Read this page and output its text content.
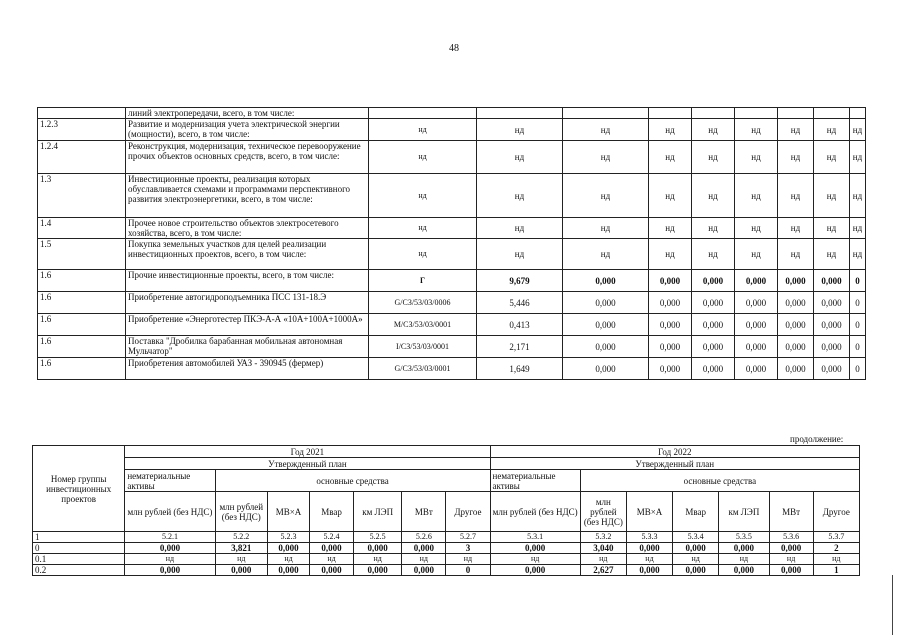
48
	линий электропередачи, всего, в том числе:									
1.2.3	Развитие и модернизация учета электрической энергии (мощности), всего, в том числе:	нд	нд	нд	нд	нд	нд	нд	нд	нд
1.2.4	Реконструкция, модернизация, техническое перевооружение прочих объектов основных средств, всего, в том числе:	нд	нд	нд	нд	нд	нд	нд	нд	нд
1.3	Инвестиционные проекты, реализация которых обуславливается схемами и программами перспективного развития электроэнергетики, всего, в том числе:	нд	нд	нд	нд	нд	нд	нд	нд	нд
1.4	Прочее новое строительство объектов электросетевого хозяйства, всего, в том числе:	нд	нд	нд	нд	нд	нд	нд	нд	нд
1.5	Покупка земельных участков для целей реализации инвестиционных проектов, всего, в том числе:	нд	нд	нд	нд	нд	нд	нд	нд	нд
1.6	Прочие инвестиционные проекты, всего, в том числе:	Г	9,679	0,000	0,000	0,000	0,000	0,000	0,000	0
1.6	Приобретение автогидроподъемника ПСС 131-18.Э	G/СЗ/53/03/0006	5,446	0,000	0,000	0,000	0,000	0,000	0,000	0
1.6	Приобретение «Энерготестер ПКЭ-А-А «10А+100А+1000А»	М/СЗ/53/03/0001	0,413	0,000	0,000	0,000	0,000	0,000	0,000	0
1.6	Поставка "Дробилка барабанная мобильная автономная Мульчатор"	I/СЗ/53/03/0001	2,171	0,000	0,000	0,000	0,000	0,000	0,000	0
1.6	Приобретения автомобилей УАЗ - 390945 (фермер)	G/СЗ/53/03/0001	1,649	0,000	0,000	0,000	0,000	0,000	0,000	0
продолжение:
Номер группы инвестиционных проектов	Год 2021							Год 2022						
	Утвержденный план							Утвержденный план						
	нематериальные активы	основные средства						нематериальные активы	основные средства					
	млн рублей (без НДС)	млн рублей (без НДС)	МВ×А	Мвар	км ЛЭП	МВт	Другое	млн рублей (без НДС)	млн рублей (без НДС)	МВ×А	Мвар	км ЛЭП	МВт	Другое
1	5.2.1	5.2.2	5.2.3	5.2.4	5.2.5	5.2.6	5.2.7	5.3.1	5.3.2	5.3.3	5.3.4	5.3.5	5.3.6	5.3.7
0	0,000	3,821	0,000	0,000	0,000	0,000	3	0,000	3,040	0,000	0,000	0,000	0,000	2
0.1	нд	нд	нд	нд	нд	нд	нд	нд	нд	нд	нд	нд	нд	нд
0.2	0,000	0,000	0,000	0,000	0,000	0,000	0	0,000	2,627	0,000	0,000	0,000	0,000	1
